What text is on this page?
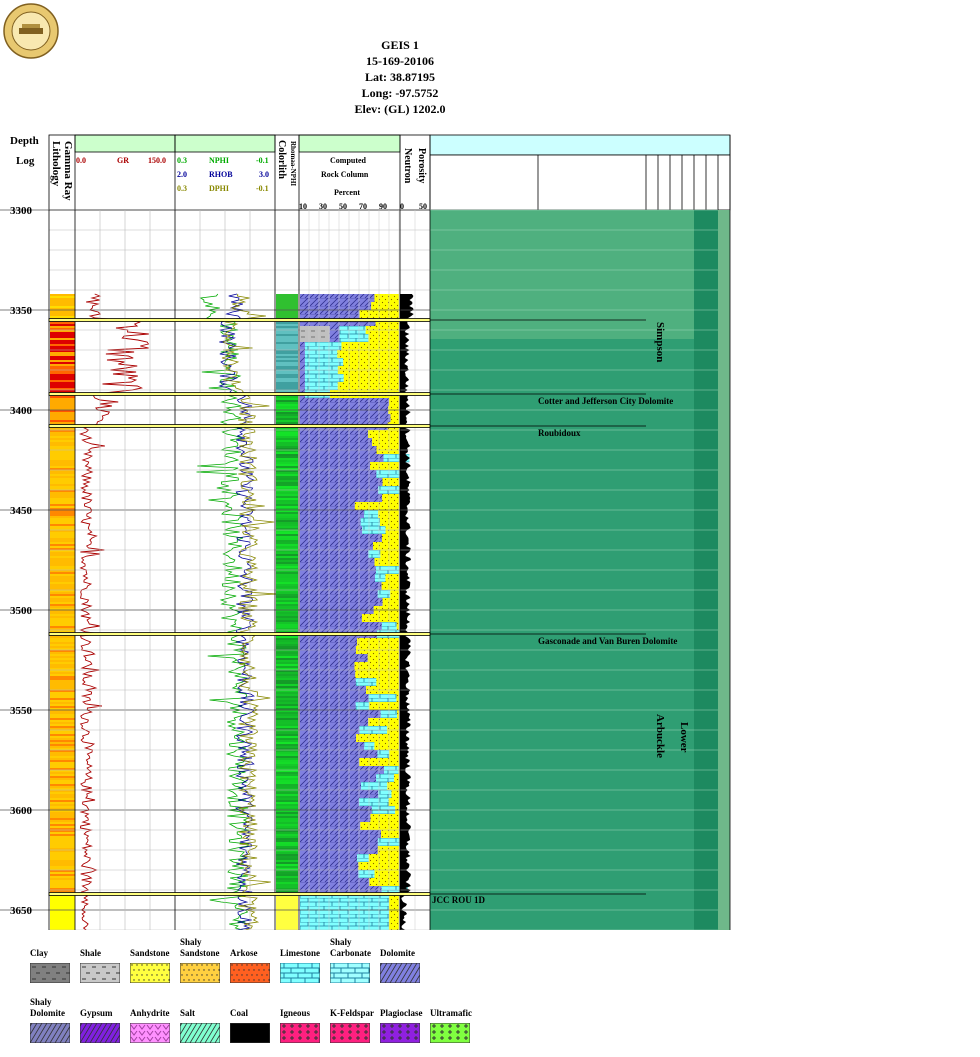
GEIS 1
15-169-20106
Lat: 38.87195
Long: -97.5752
Elev: (GL) 1202.0
Depth
Log Lithology Gamma Ray	Colorlith Rhomaa-NPHI	Computed
Rock Column
Percent
Neutron Porosity
0.0	GR 150.0 0.3	NPHI	-0.1
2.0	RHOB	3.0
0.3	DPHI	-0.1
10 30 50 70 90 0 50
3300
3350
3400
3450
3500
3550
3600
3650
Cotter and Jefferson City Dolomite
Roubidoux
Gasconade and Van Buren Dolomite
JCC ROU 1D
Simpson
Arbuckle Lower
Clay	Shale	Sandstone
Shaly
Sandstone Arkose	Limestone
Shaly
Carbonate Dolomite
Shaly
Dolomite Gypsum Anhydrite Salt	Coal	Igneous K-Feldspar Plagioclase Ultramafic
